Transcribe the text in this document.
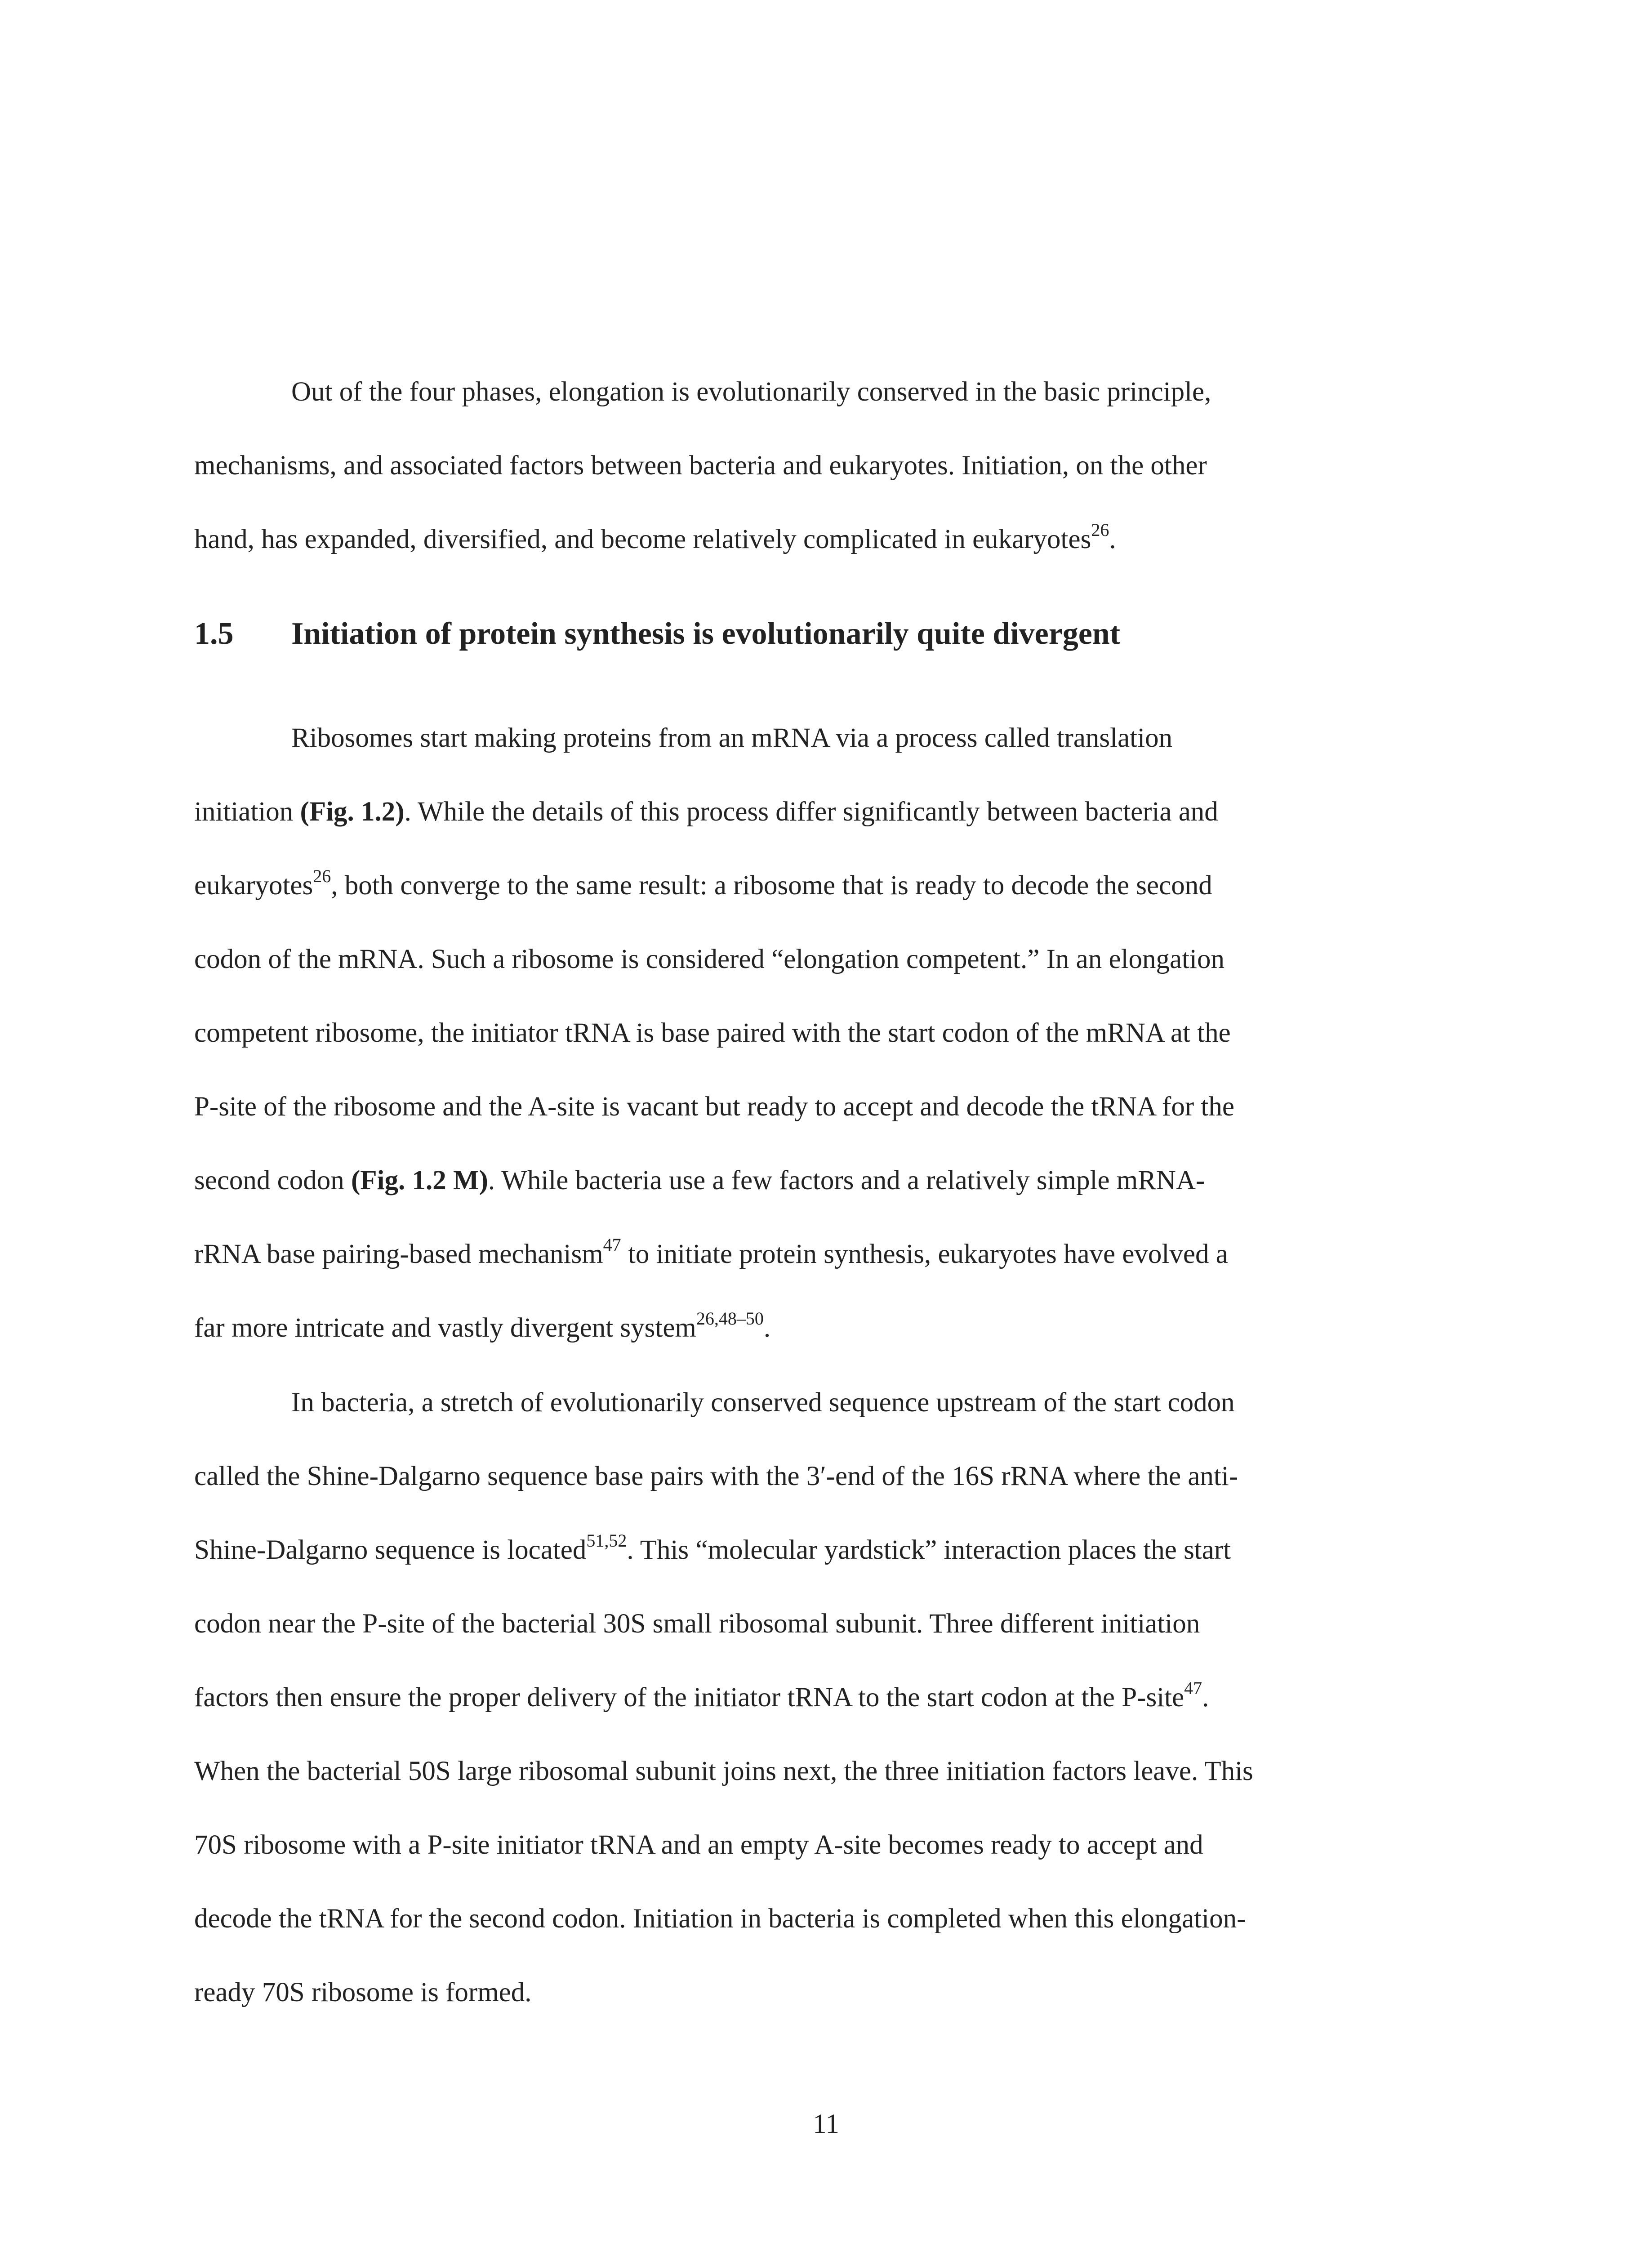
Out of the four phases, elongation is evolutionarily conserved in the basic principle,
mechanisms, and associated factors between bacteria and eukaryotes. Initiation, on the other
hand, has expanded, diversified, and become relatively complicated in eukaryotes$^{26}$.
1.5 Initiation of protein synthesis is evolutionarily quite divergent
Ribosomes start making proteins from an mRNA via a process called translation
initiation (Fig. 1.2). While the details of this process differ significantly between bacteria and
eukaryotes$^{26}$, both converge to the same result: a ribosome that is ready to decode the second
codon of the mRNA. Such a ribosome is considered “elongation competent.” In an elongation
competent ribosome, the initiator tRNA is base paired with the start codon of the mRNA at the
P-site of the ribosome and the A-site is vacant but ready to accept and decode the tRNA for the
second codon (Fig. 1.2 M). While bacteria use a few factors and a relatively simple mRNA-
rRNA base pairing-based mechanism$^{47}$ to initiate protein synthesis, eukaryotes have evolved a
far more intricate and vastly divergent system$^{26,48-50}$.
In bacteria, a stretch of evolutionarily conserved sequence upstream of the start codon
called the Shine-Dalgarno sequence base pairs with the 3′-end of the 16S rRNA where the anti-
Shine-Dalgarno sequence is located$^{51,52}$. This “molecular yardstick” interaction places the start
codon near the P-site of the bacterial 30S small ribosomal subunit. Three different initiation
factors then ensure the proper delivery of the initiator tRNA to the start codon at the P-site$^{47}$.
When the bacterial 50S large ribosomal subunit joins next, the three initiation factors leave. This
70S ribosome with a P-site initiator tRNA and an empty A-site becomes ready to accept and
decode the tRNA for the second codon. Initiation in bacteria is completed when this elongation-
ready 70S ribosome is formed.
11
